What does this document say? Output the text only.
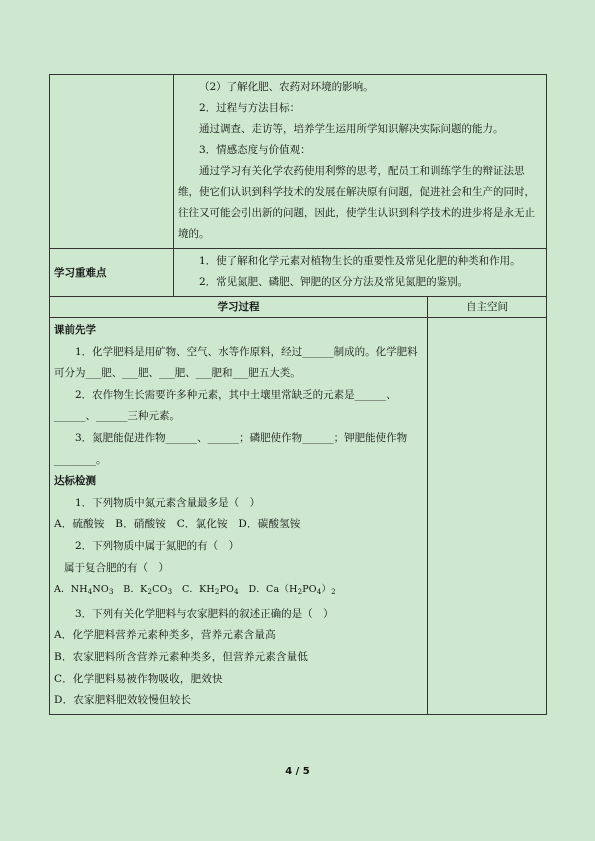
（2）了解化肥、农药对环境的影响。

2．过程与方法目标：

通过调查、走访等，培养学生运用所学知识解决实际问题的能力。

3．情感态度与价值观：

通过学习有关化学农药使用利弊的思考，配员工和训练学生的辩证法思维，使它们认识到科学技术的发展在解决原有问题，促进社会和生产的同时，往往又可能会引出新的问题，因此，使学生认识到科学技术的进步将是永无止境的。

学习重难点

1．使了解和化学元素对植物生长的重要性及常见化肥的种类和作用。

2．常见氮肥、磷肥、钾肥的区分方法及常见氮肥的鉴别。

学习过程	自主空间

课前先学

1．化学肥料是用矿物、空气、水等作原料，经过______制成的。化学肥料可分为___肥、___肥、___肥、___肥和___肥五大类。

2．农作物生长需要许多种元素，其中土壤里常缺乏的元素是______、______、______三种元素。

3．氮肥能促进作物______、______；磷肥使作物______；钾肥能使作物________。

达标检测

1．下列物质中氮元素含量最多是（　）

A．硫酸铵　B．硝酸铵　C．氯化铵　D．碳酸氢铵

2．下列物质中属于氮肥的有（　）

属于复合肥的有（　）

A．$NH_4NO_3$　B．$K_2CO_3$　C．$KH_2PO_4$　D．$Ca(H_2PO_4)_2$

3．下列有关化学肥料与农家肥料的叙述正确的是（　）

A．化学肥料营养元素种类多，营养元素含量高

B．农家肥料所含营养元素种类多，但营养元素含量低

C．化学肥料易被作物吸收，肥效快

D．农家肥料肥效较慢但较长

4 / 5
